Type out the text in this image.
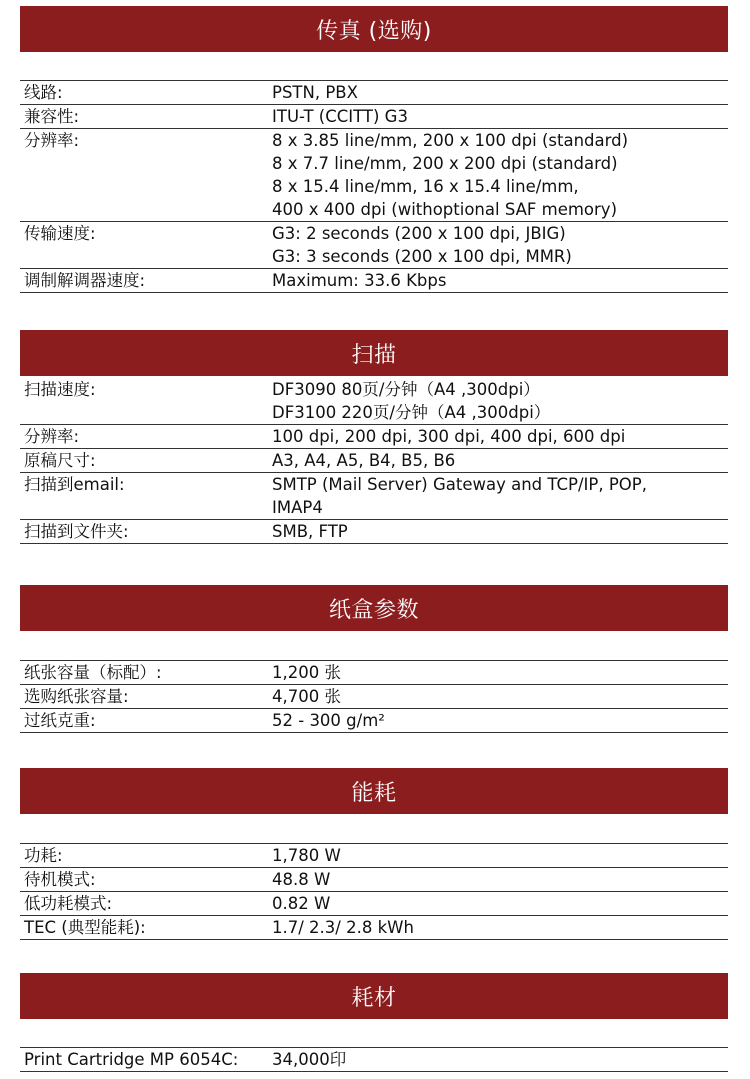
传真 (选购)
线路:	PSTN, PBX
兼容性:	ITU-T (CCITT) G3
分辨率:	8 x 3.85 line/mm, 200 x 100 dpi (standard)
8 x 7.7 line/mm, 200 x 200 dpi (standard)
8 x 15.4 line/mm, 16 x 15.4 line/mm,
400 x 400 dpi (withoptional SAF memory)
传输速度:	G3: 2 seconds (200 x 100 dpi, JBIG)
G3: 3 seconds (200 x 100 dpi, MMR)
调制解调器速度:	Maximum: 33.6 Kbps
扫描
扫描速度:	DF3090 80页/分钟（A4 ,300dpi）
DF3100 220页/分钟（A4 ,300dpi）
分辨率:	100 dpi, 200 dpi, 300 dpi, 400 dpi, 600 dpi
原稿尺寸:	A3, A4, A5, B4, B5, B6
扫描到email:	SMTP (Mail Server) Gateway and TCP/IP, POP,
IMAP4
扫描到文件夹:	SMB, FTP
纸盒参数
纸张容量（标配）:	1,200 张
选购纸张容量:	4,700 张
过纸克重:	52 - 300 g/m²
能耗
功耗:	1,780 W
待机模式:	48.8 W
低功耗模式:	0.82 W
TEC (典型能耗):	1.7/ 2.3/ 2.8 kWh
耗材
Print Cartridge MP 6054C:	34,000印
